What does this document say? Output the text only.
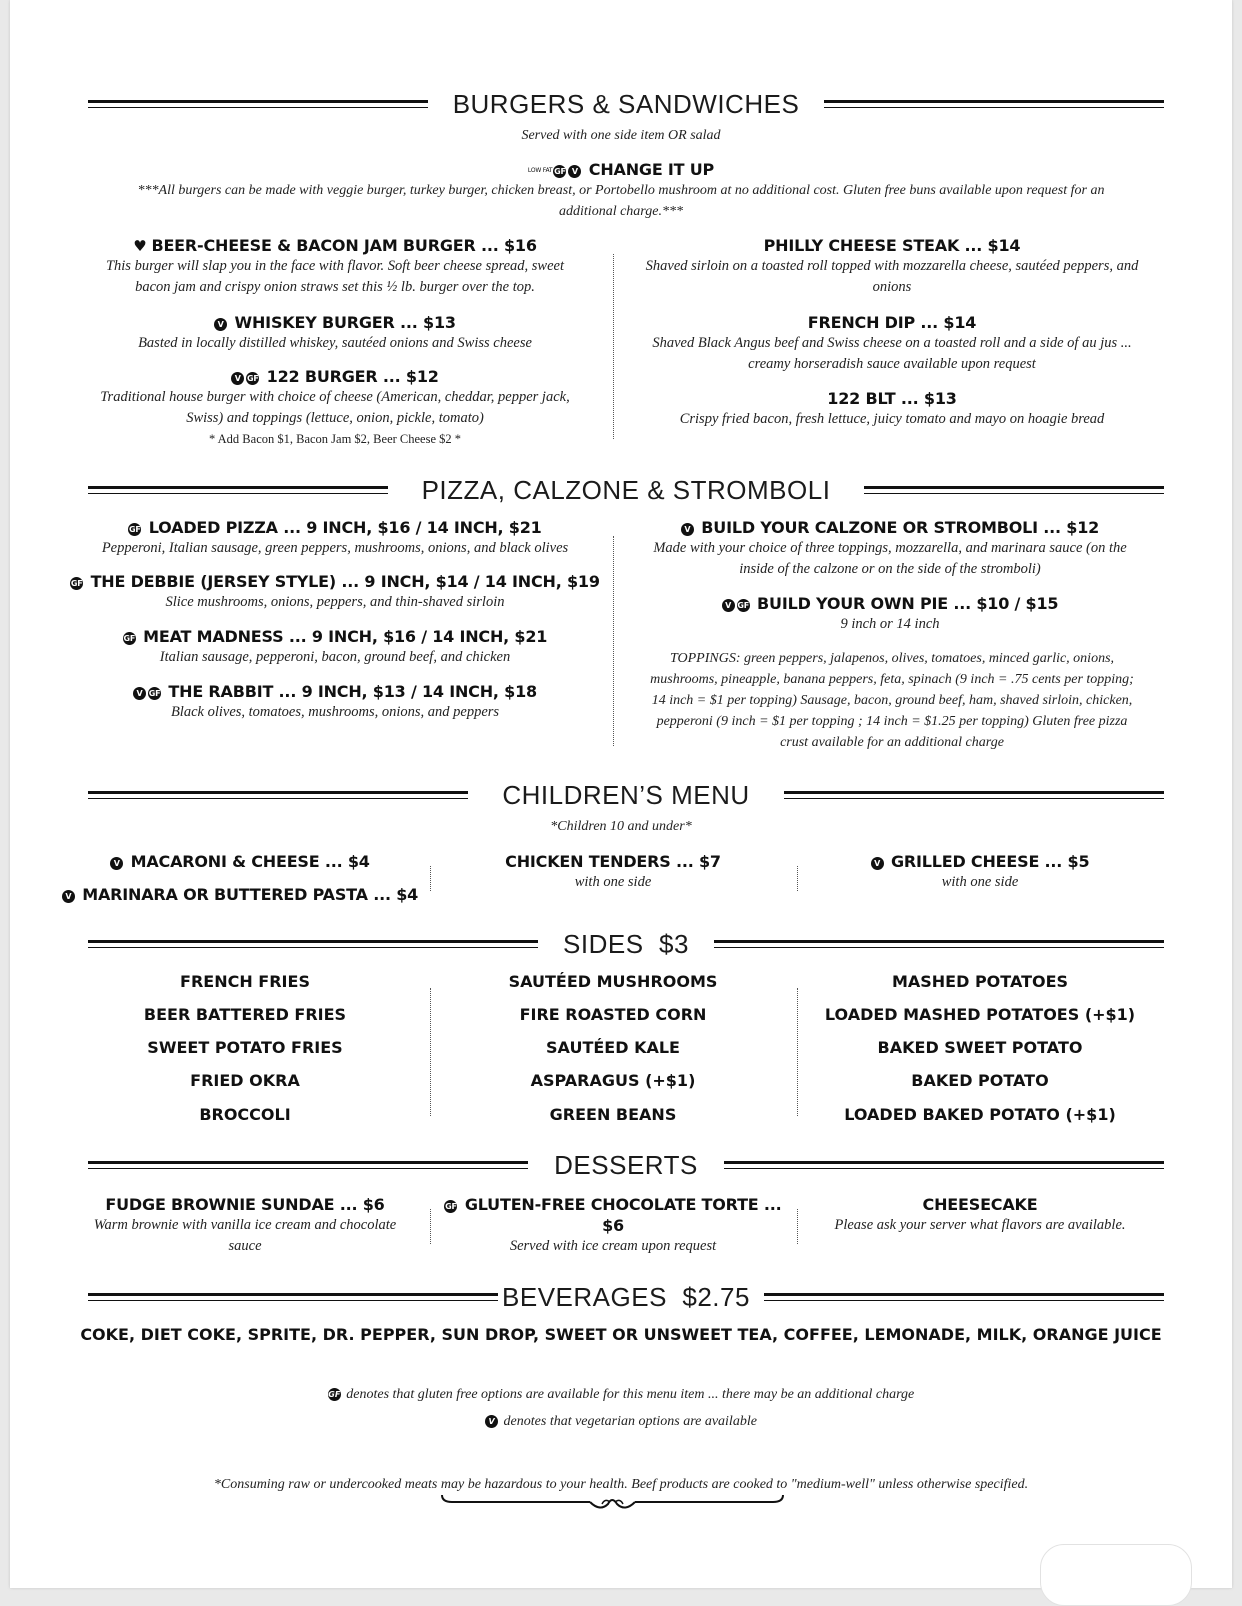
BURGERS & SANDWICHES
Served with one side item OR salad
LOW FAT GF V CHANGE IT UP
***All burgers can be made with veggie burger, turkey burger, chicken breast, or Portobello mushroom at no additional cost. Gluten free buns available upon request for an additional charge.***
♥ BEER-CHEESE & BACON JAM BURGER ... $16
This burger will slap you in the face with flavor. Soft beer cheese spread, sweet bacon jam and crispy onion straws set this ½ lb. burger over the top.
V WHISKEY BURGER ... $13
Basted in locally distilled whiskey, sautéed onions and Swiss cheese
V GF 122 BURGER ... $12
Traditional house burger with choice of cheese (American, cheddar, pepper jack, Swiss) and toppings (lettuce, onion, pickle, tomato)
* Add Bacon $1, Bacon Jam $2, Beer Cheese $2 *
PHILLY CHEESE STEAK ... $14
Shaved sirloin on a toasted roll topped with mozzarella cheese, sautéed peppers, and onions
FRENCH DIP ... $14
Shaved Black Angus beef and Swiss cheese on a toasted roll and a side of au jus ... creamy horseradish sauce available upon request
122 BLT ... $13
Crispy fried bacon, fresh lettuce, juicy tomato and mayo on hoagie bread
PIZZA, CALZONE & STROMBOLI
GF LOADED PIZZA ... 9 INCH, $16 / 14 INCH, $21
Pepperoni, Italian sausage, green peppers, mushrooms, onions, and black olives
GF THE DEBBIE (JERSEY STYLE) ... 9 INCH, $14 / 14 INCH, $19
Slice mushrooms, onions, peppers, and thin-shaved sirloin
GF MEAT MADNESS ... 9 INCH, $16 / 14 INCH, $21
Italian sausage, pepperoni, bacon, ground beef, and chicken
V GF THE RABBIT ... 9 INCH, $13 / 14 INCH, $18
Black olives, tomatoes, mushrooms, onions, and peppers
V BUILD YOUR CALZONE OR STROMBOLI ... $12
Made with your choice of three toppings, mozzarella, and marinara sauce (on the inside of the calzone or on the side of the stromboli)
V GF BUILD YOUR OWN PIE ... $10 / $15
9 inch or 14 inch
TOPPINGS: green peppers, jalapenos, olives, tomatoes, minced garlic, onions, mushrooms, pineapple, banana peppers, feta, spinach (9 inch = .75 cents per topping; 14 inch = $1 per topping) Sausage, bacon, ground beef, ham, shaved sirloin, chicken, pepperoni (9 inch = $1 per topping ; 14 inch = $1.25 per topping) Gluten free pizza crust available for an additional charge
CHILDREN’S MENU
*Children 10 and under*
V MACARONI & CHEESE ... $4
V MARINARA OR BUTTERED PASTA ... $4
CHICKEN TENDERS ... $7
with one side
V GRILLED CHEESE ... $5
with one side
SIDES $3
FRENCH FRIES
BEER BATTERED FRIES
SWEET POTATO FRIES
FRIED OKRA
BROCCOLI
SAUTÉED MUSHROOMS
FIRE ROASTED CORN
SAUTÉED KALE
ASPARAGUS (+$1)
GREEN BEANS
MASHED POTATOES
LOADED MASHED POTATOES (+$1)
BAKED SWEET POTATO
BAKED POTATO
LOADED BAKED POTATO (+$1)
DESSERTS
FUDGE BROWNIE SUNDAE ... $6
Warm brownie with vanilla ice cream and chocolate sauce
GF GLUTEN-FREE CHOCOLATE TORTE ... $6
Served with ice cream upon request
CHEESECAKE
Please ask your server what flavors are available.
BEVERAGES $2.75
COKE, DIET COKE, SPRITE, DR. PEPPER, SUN DROP, SWEET OR UNSWEET TEA, COFFEE, LEMONADE, MILK, ORANGE JUICE
GF denotes that gluten free options are available for this menu item ... there may be an additional charge
V denotes that vegetarian options are available
*Consuming raw or undercooked meats may be hazardous to your health. Beef products are cooked to "medium-well" unless otherwise specified.
